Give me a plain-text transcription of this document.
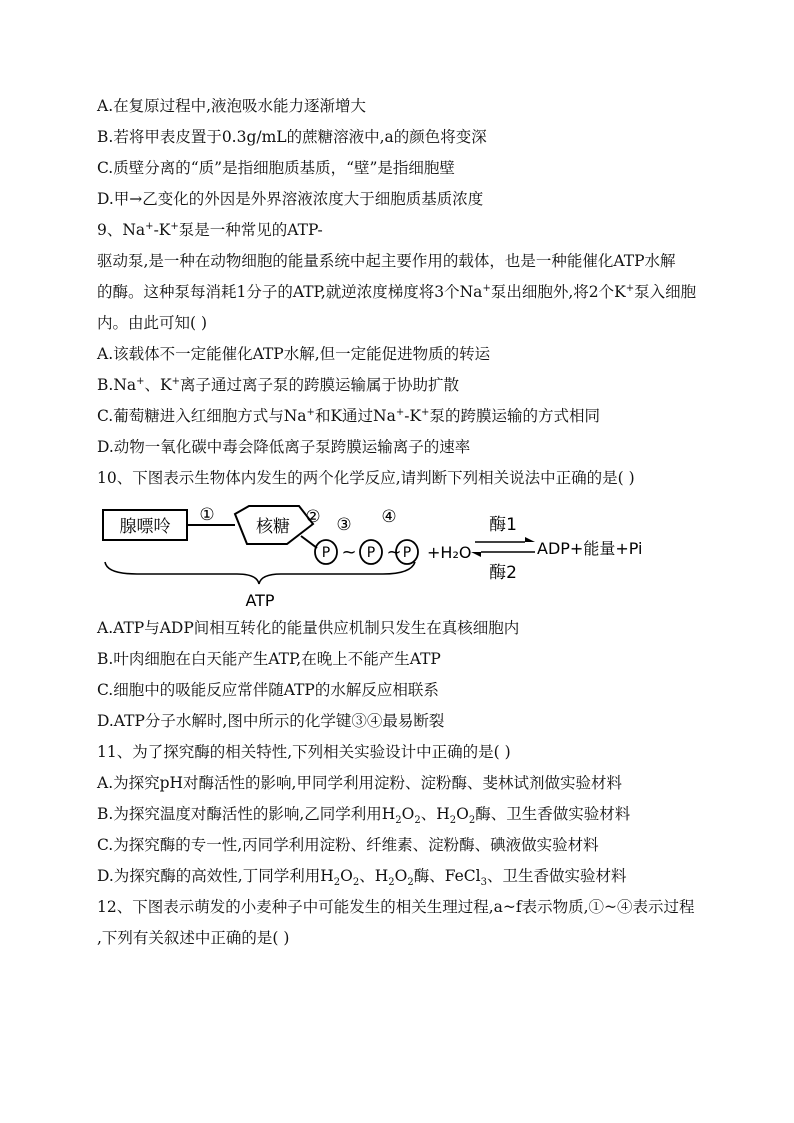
A.在复原过程中,液泡吸水能力逐渐增大
B.若将甲表皮置于0.3g/mL的蔗糖溶液中,a的颜色将变深
C.质壁分离的“质”是指细胞质基质，“壁”是指细胞壁
D.甲→乙变化的外因是外界溶液浓度大于细胞质基质浓度
9、Na+-K+泵是一种常见的ATP-
驱动泵,是一种在动物细胞的能量系统中起主要作用的载体，也是一种能催化ATP水解
的酶。这种泵每消耗1分子的ATP,就逆浓度梯度将3个Na+泵出细胞外,将2个K+泵入细胞
内。由此可知( )
A.该载体不一定能催化ATP水解,但一定能促进物质的转运
B.Na+、K+离子通过离子泵的跨膜运输属于协助扩散
C.葡萄糖进入红细胞方式与Na+和K通过Na+-K+泵的跨膜运输的方式相同
D.动物一氧化碳中毒会降低离子泵跨膜运输离子的速率
10、下图表示生物体内发生的两个化学反应,请判断下列相关说法中正确的是( )
腺嘌呤
①
核糖 ②
P ~
③
P ~
④
P +H₂O
酶1
酶2
ADP+能量+Pi
ATP
A.ATP与ADP间相互转化的能量供应机制只发生在真核细胞内
B.叶肉细胞在白天能产生ATP,在晚上不能产生ATP
C.细胞中的吸能反应常伴随ATP的水解反应相联系
D.ATP分子水解时,图中所示的化学键③④最易断裂
11、为了探究酶的相关特性,下列相关实验设计中正确的是( )
A.为探究pH对酶活性的影响,甲同学利用淀粉、淀粉酶、斐林试剂做实验材料
B.为探究温度对酶活性的影响,乙同学利用$H_2O_2$、$H_2O_2$酶、卫生香做实验材料
C.为探究酶的专一性,丙同学利用淀粉、纤维素、淀粉酶、碘液做实验材料
D.为探究酶的高效性,丁同学利用$H_2O_2$、$H_2O_2$酶、FeCl$_3$、卫生香做实验材料
12、下图表示萌发的小麦种子中可能发生的相关生理过程,a~f表示物质,①~④表示过程
,下列有关叙述中正确的是( )
